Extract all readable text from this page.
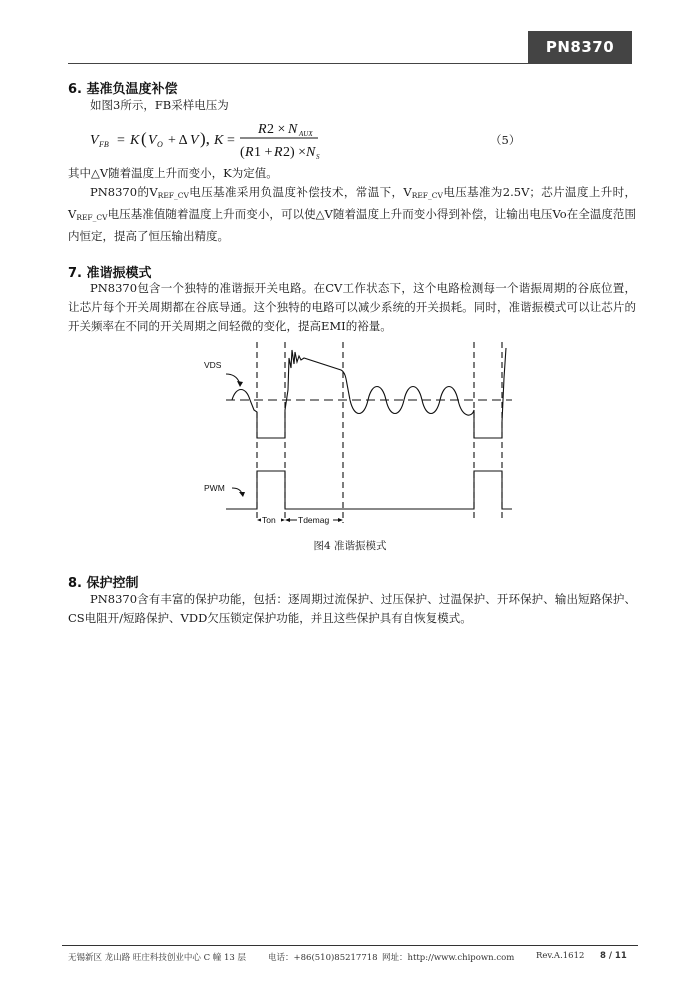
PN8370
6. 基准负温度补偿
如图3所示，FB采样电压为
V FB = K ( V O + Δ V ), K =
R 2 × N AUX
( R 1 + R 2) × N S
（5）
其中△V随着温度上升而变小，K为定值。
PN8370的$V_{REF\_CV}$电压基准采用负温度补偿技术，常温下，$V_{REF\_CV}$电压基准为2.5V；芯片温度上升时，$V_{REF\_CV}$电压基准值随着温度上升而变小，可以使△V随着温度上升而变小得到补偿，让输出电压Vo在全温度范围内恒定，提高了恒压输出精度。
7. 准谐振模式
PN8370包含一个独特的准谐振开关电路。在CV工作状态下，这个电路检测每一个谐振周期的谷底位置，让芯片每个开关周期都在谷底导通。这个独特的电路可以减少系统的开关损耗。同时，准谐振模式可以让芯片的开关频率在不同的开关周期之间轻微的变化，提高EMI的裕量。
VDS
PWM
Ton	Tdemag
图4 准谐振模式
8. 保护控制
PN8370含有丰富的保护功能，包括：逐周期过流保护、过压保护、过温保护、开环保护、输出短路保护、CS电阻开/短路保护、VDD欠压锁定保护功能，并且这些保护具有自恢复模式。
无锡新区 龙山路 旺庄科技创业中心 C 幢 13 层	电话：+86(510)85217718 网址：http://www.chipown.com	Rev.A.1612 8 / 11
